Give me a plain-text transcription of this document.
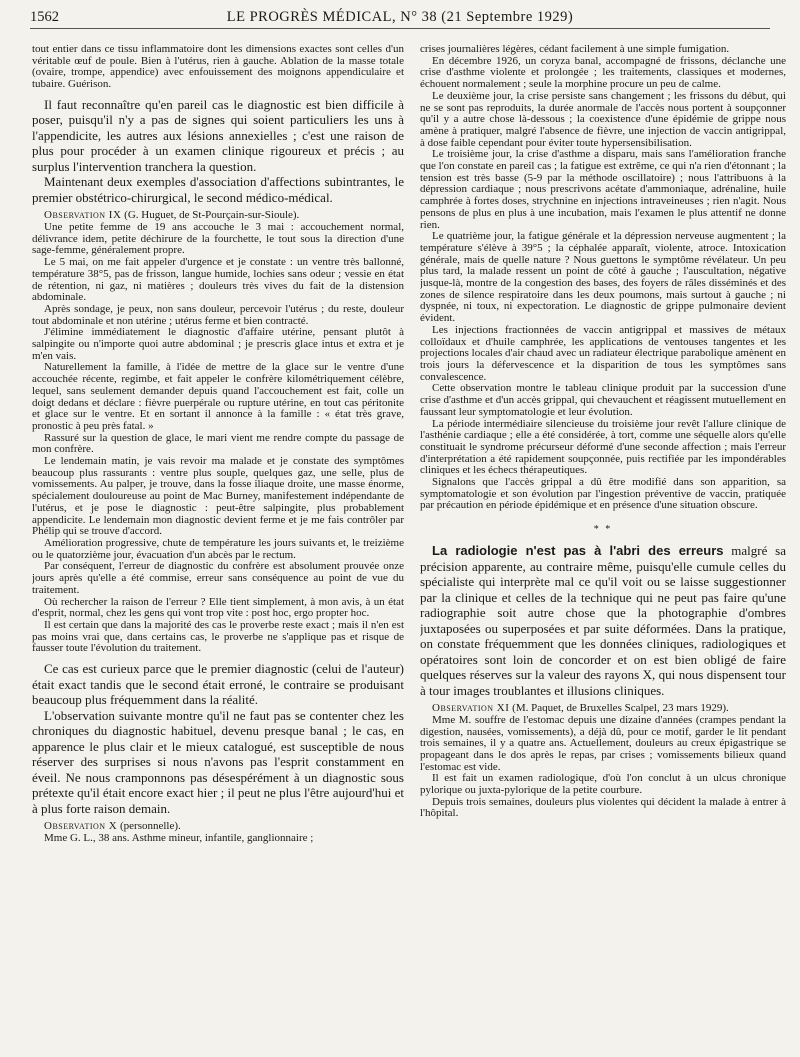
1562	LE PROGRÈS MÉDICAL, N° 38 (21 Septembre 1929)

tout entier dans ce tissu inflammatoire dont les dimensions exactes sont celles d'un véritable œuf de poule. Bien à l'utérus, rien à gauche. Ablation de la masse totale (ovaire, trompe, appendice) avec enfouissement des moignons appendiculaire et tubaire. Guérison.

Il faut reconnaître qu'en pareil cas le diagnostic est bien difficile à poser, puisqu'il n'y a pas de signes qui soient particuliers les uns à l'appendicite, les autres aux lésions annexielles ; c'est une raison de plus pour procéder à un examen clinique rigoureux et précis ; au surplus l'intervention tranchera la question.

Maintenant deux exemples d'association d'affections subintrantes, le premier obstétrico-chirurgical, le second médico-médical.

Observation IX (G. Huguet, de St-Pourçain-sur-Sioule).

Une petite femme de 19 ans accouche le 3 mai : accouchement normal, délivrance idem, petite déchirure de la fourchette, le tout sous la direction d'une sage-femme, généralement propre.

Le 5 mai, on me fait appeler d'urgence et je constate : un ventre très ballonné, température 38°5, pas de frisson, langue humide, lochies sans odeur ; vessie en état de rétention, ni gaz, ni matières ; douleurs très vives du fait de la distension abdominale.

Après sondage, je peux, non sans douleur, percevoir l'utérus ; du reste, douleur tout abdominale et non utérine ; utérus ferme et bien contracté.

J'élimine immédiatement le diagnostic d'affaire utérine, pensant plutôt à salpingite ou n'importe quoi autre abdominal ; je prescris glace intus et extra et je m'en vais.

Naturellement la famille, à l'idée de mettre de la glace sur le ventre d'une accouchée récente, regimbe, et fait appeler le confrère kilométriquement célèbre, lequel, sans seulement demander depuis quand l'accouchement est fait, colle un doigt dedans et déclare : fièvre puerpérale ou rupture utérine, en tout cas péritonite et glace sur le ventre. Et en sortant il annonce à la famille : « état très grave, pronostic à peu près fatal. »

Rassuré sur la question de glace, le mari vient me rendre compte du passage de mon confrère.

Le lendemain matin, je vais revoir ma malade et je constate des symptômes beaucoup plus rassurants : ventre plus souple, quelques gaz, une selle, plus de vomissements. Au palper, je trouve, dans la fosse iliaque droite, une masse énorme, spécialement douloureuse au point de Mac Burney, manifestement indépendante de l'utérus, et je pose le diagnostic : peut-être salpingite, plus probablement appendicite. Le lendemain mon diagnostic devient ferme et je me fais contrôler par Phélip qui se trouve d'accord.

Amélioration progressive, chute de température les jours suivants et, le treizième ou le quatorzième jour, évacuation d'un abcès par le rectum.

Par conséquent, l'erreur de diagnostic du confrère est absolument prouvée onze jours après qu'elle a été commise, erreur sans conséquence au point de vue du traitement.

Où rechercher la raison de l'erreur ? Elle tient simplement, à mon avis, à un état d'esprit, normal, chez les gens qui vont trop vite : post hoc, ergo propter hoc.

Il est certain que dans la majorité des cas le proverbe reste exact ; mais il n'en est pas moins vrai que, dans certains cas, le proverbe ne s'applique pas et risque de fausser toute l'évolution du traitement.

Ce cas est curieux parce que le premier diagnostic (celui de l'auteur) était exact tandis que le second était erroné, le contraire se produisant beaucoup plus fréquemment dans la réalité.

L'observation suivante montre qu'il ne faut pas se contenter chez les chroniques du diagnostic habituel, devenu presque banal ; le cas, en apparence le plus clair et le mieux catalogué, est susceptible de nous réserver des surprises si nous n'avons pas l'esprit constamment en éveil. Ne nous cramponnons pas désespérément à un diagnostic sous prétexte qu'il était encore exact hier ; il peut ne plus l'être aujourd'hui et à plus forte raison demain.

Observation X (personnelle).

Mme G. L., 38 ans. Asthme mineur, infantile, ganglionnaire ;

crises journalières légères, cédant facilement à une simple fumigation.

En décembre 1926, un coryza banal, accompagné de frissons, déclanche une crise d'asthme violente et prolongée ; les traitements, classiques et modernes, échouent normalement ; seule la morphine procure un peu de calme.

Le deuxième jour, la crise persiste sans changement ; les frissons du début, qui ne se sont pas reproduits, la durée anormale de l'accès nous portent à soupçonner qu'il y a autre chose là-dessous ; la coexistence d'une épidémie de grippe nous amène à pratiquer, malgré l'absence de fièvre, une injection de vaccin antigrippal, à dose faible cependant pour éviter toute hypersensibilisation.

Le troisième jour, la crise d'asthme a disparu, mais sans l'amélioration franche que l'on constate en pareil cas ; la fatigue est extrême, ce qui n'a rien d'étonnant ; la tension est très basse (5-9 par la méthode oscillatoire) ; nous l'attribuons à la dépression cardiaque ; nous prescrivons acétate d'ammoniaque, adrénaline, huile camphrée à fortes doses, strychnine en injections intraveineuses ; rien n'agit. Nous pensons de plus en plus à une incubation, mais l'examen le plus attentif ne donne rien.

Le quatrième jour, la fatigue générale et la dépression nerveuse augmentent ; la température s'élève à 39°5 ; la céphalée apparaît, violente, atroce. Intoxication générale, mais de quelle nature ? Nous guettons le symptôme révélateur. Un peu plus tard, la malade ressent un point de côté à gauche ; l'auscultation, négative jusque-là, montre de la congestion des bases, des foyers de râles disséminés et des zones de silence respiratoire dans les deux poumons, mais surtout à gauche ; ni dyspnée, ni toux, ni expectoration. Le diagnostic de grippe pulmonaire devient évident.

Les injections fractionnées de vaccin antigrippal et massives de métaux colloïdaux et d'huile camphrée, les applications de ventouses tangentes et les projections locales d'air chaud avec un radiateur électrique parabolique amènent en trois jours la défervescence et la disparition de tous les symptômes sans convalescence.

Cette observation montre le tableau clinique produit par la succession d'une crise d'asthme et d'un accès grippal, qui chevauchent et réagissent mutuellement en faussant leur symptomatologie et leur évolution.

La période intermédiaire silencieuse du troisième jour revêt l'allure clinique de l'asthénie cardiaque ; elle a été considérée, à tort, comme une séquelle alors qu'elle constituait le syndrome précurseur déformé d'une seconde affection ; mais l'erreur d'interprétation a été rapidement soupçonnée, puis rectifiée par les impondérables cliniques et les échecs thérapeutiques.

Signalons que l'accès grippal a dû être modifié dans son apparition, sa symptomatologie et son évolution par l'ingestion préventive de vaccin, pratiquée par précaution en période épidémique et en présence d'une situation obscure.

* *

La radiologie n'est pas à l'abri des erreurs malgré sa précision apparente, au contraire même, puisqu'elle cumule celles du spécialiste qui interprète mal ce qu'il voit ou se laisse suggestionner par la clinique et celles de la technique qui ne peut pas faire qu'une radiographie soit autre chose que la photographie d'ombres juxtaposées ou superposées et par suite déformées. Dans la pratique, on constate fréquemment que les données cliniques, radiologiques et opératoires sont loin de concorder et on est bien obligé de faire quelques réserves sur la valeur des rayons X, qui nous dispensent tour à tour images troublantes et illusions cliniques.

Observation XI (M. Paquet, de Bruxelles Scalpel, 23 mars 1929).

Mme M. souffre de l'estomac depuis une dizaine d'années (crampes pendant la digestion, nausées, vomissements), a déjà dû, pour ce motif, garder le lit pendant trois semaines, il y a quatre ans. Actuellement, douleurs au creux épigastrique se propageant dans le dos après le repas, par crises ; vomissements bilieux quand l'estomac est vide.

Il est fait un examen radiologique, d'où l'on conclut à un ulcus chronique pylorique ou juxta-pylorique de la petite courbure.

Depuis trois semaines, douleurs plus violentes qui décident la malade à entrer à l'hôpital.
